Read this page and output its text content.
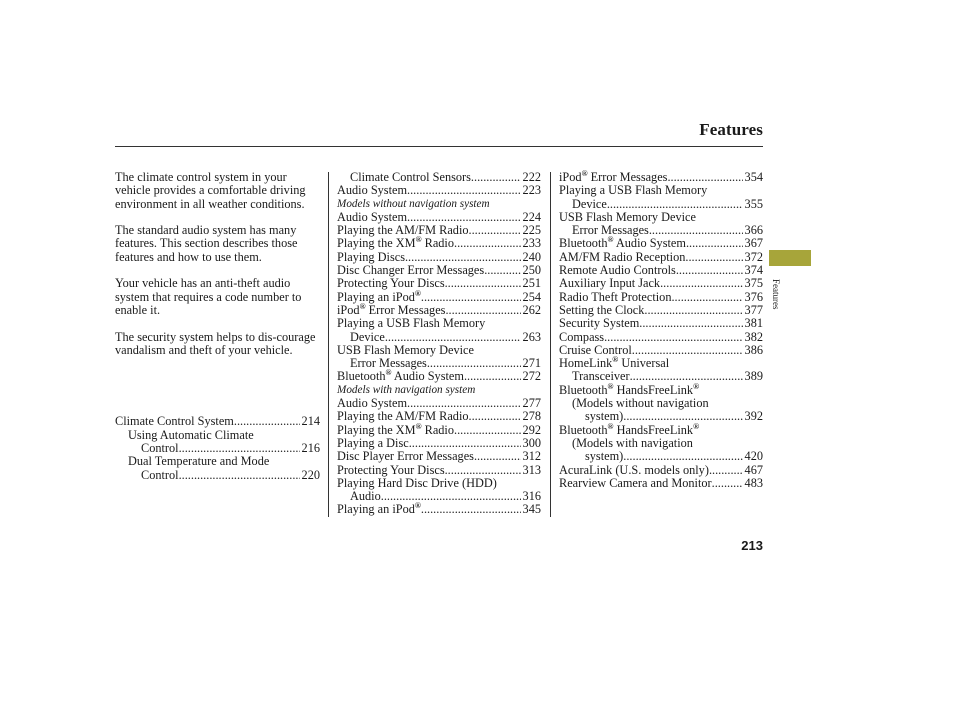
Features
Features

The climate control system in your vehicle provides a comfortable driving environment in all weather conditions.

The standard audio system has many features. This section describes those features and how to use them.

Your vehicle has an anti-theft audio system that requires a code number to enable it.

The security system helps to dis-courage vandalism and theft of your vehicle.

Climate Control System .....	214
Using Automatic Climate
Control .....	216
Dual Temperature and Mode
Control .....	220
Climate Control Sensors .....	222
Audio System .....	223
Models without navigation system
Audio System .....	224
Playing the AM/FM Radio .....	225
Playing the XM® Radio .....	233
Playing Discs .....	240
Disc Changer Error Messages .....	250
Protecting Your Discs .....	251
Playing an iPod® .....	254
iPod® Error Messages .....	262
Playing a USB Flash Memory
Device .....	263
USB Flash Memory Device
Error Messages .....	271
Bluetooth® Audio System .....	272
Models with navigation system
Audio System .....	277
Playing the AM/FM Radio .....	278
Playing the XM® Radio .....	292
Playing a Disc .....	300
Disc Player Error Messages .....	312
Protecting Your Discs .....	313
Playing Hard Disc Drive (HDD)
Audio .....	316
Playing an iPod® .....	345
iPod® Error Messages .....	354
Playing a USB Flash Memory
Device .....	355
USB Flash Memory Device
Error Messages .....	366
Bluetooth® Audio System .....	367
AM/FM Radio Reception .....	372
Remote Audio Controls .....	374
Auxiliary Input Jack .....	375
Radio Theft Protection .....	376
Setting the Clock .....	377
Security System .....	381
Compass .....	382
Cruise Control .....	386
HomeLink® Universal
Transceiver .....	389
Bluetooth® HandsFreeLink®
(Models without navigation
system) .....	392
Bluetooth® HandsFreeLink®
(Models with navigation
system) .....	420
AcuraLink (U.S. models only) .....	467
Rearview Camera and Monitor .....	483
213
